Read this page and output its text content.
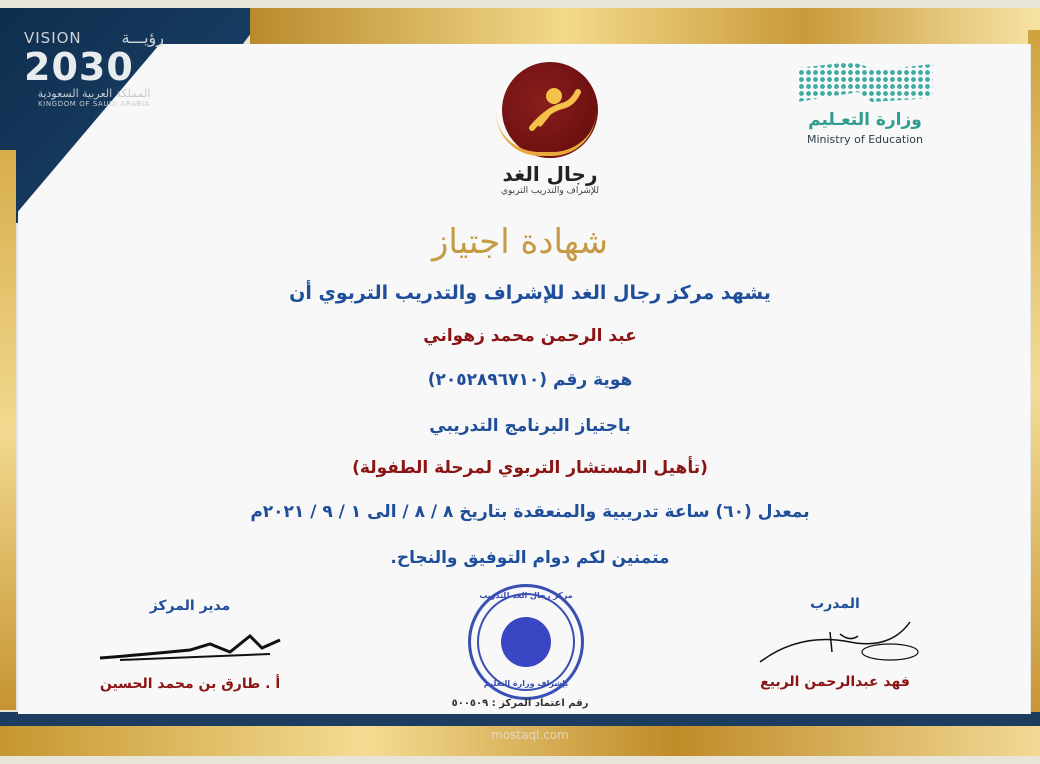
VISION رؤيـــة
2030
المملكة العربية السعودية
KINGDOM OF SAUDI ARABIA
وزارة التعـليم
Ministry of Education
رجال الغد
للإشراف والتدريب التربوي
شهادة اجتياز
يشهد مركز رجال الغد للإشراف والتدريب التربوي أن
عبد الرحمن محمد زهواني
هوية رقم (٢٠٥٢٨٩٦٧١٠)
باجتياز البرنامج التدريبي
(تأهيل المستشار التربوي لمرحلة الطفولة)
بمعدل (٦٠) ساعة تدريبية والمنعقدة بتاريخ ٨ / ٨ / الى ١ / ٩ / ٢٠٢١م
متمنين لكم دوام التوفيق والنجاح.
مدير المركز
أ . طارق بن محمد الحسين
مركز رجال الغد للتدريب
بإشراف وزارة التعليم
رقم اعتماد المركز : ٥٠٠٥٠٩
المدرب
فهد عبدالرحمن الربيع
mostaql.com
